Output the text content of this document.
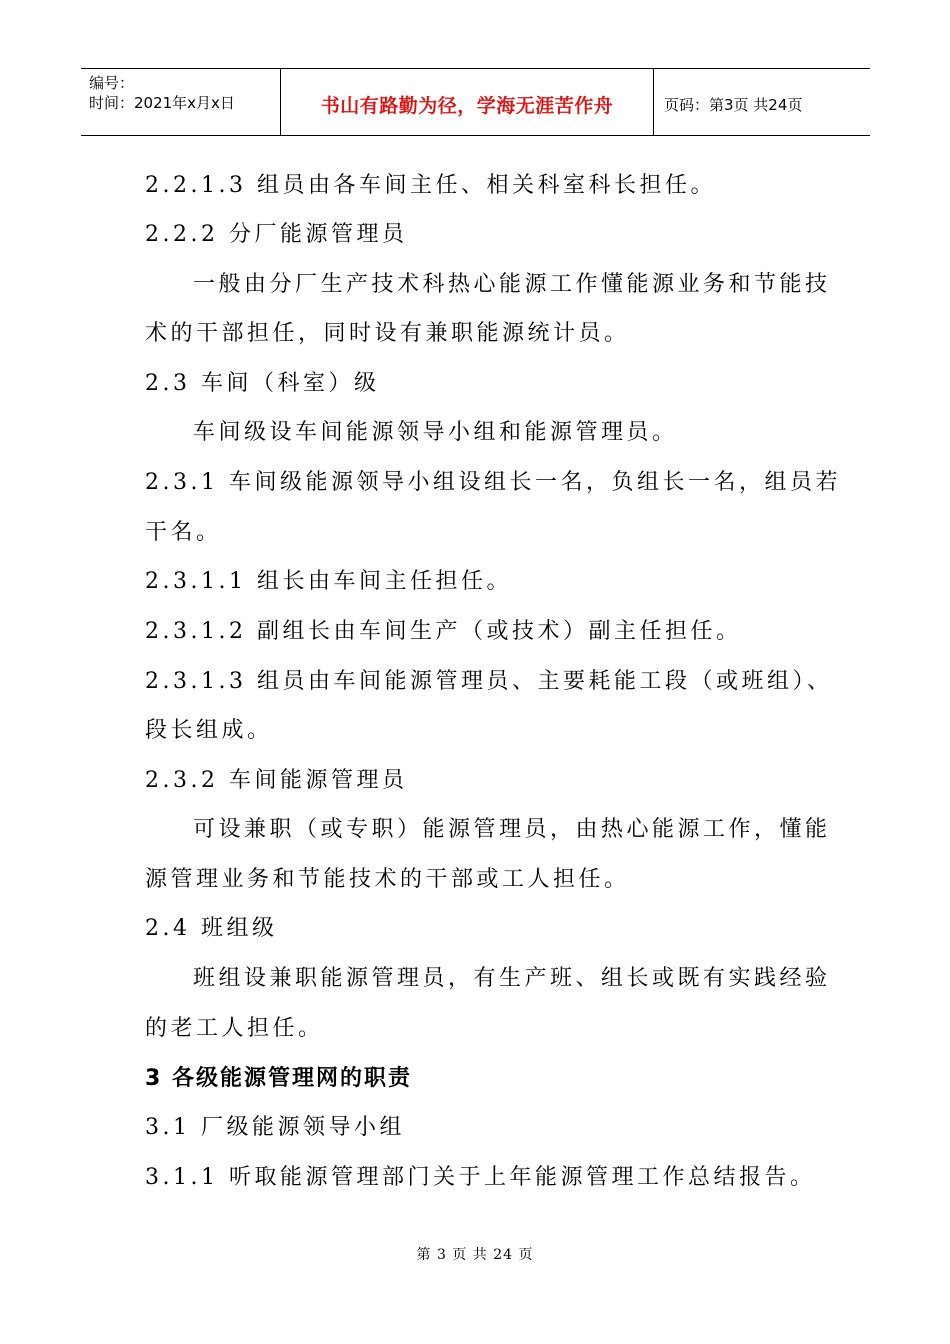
编号：
时间：2021年x月x日	书山有路勤为径，学海无涯苦作舟	页码：第3页 共24页
2.2.1.3 组员由各车间主任、相关科室科长担任。
2.2.2 分厂能源管理员
一般由分厂生产技术科热心能源工作懂能源业务和节能技
术的干部担任，同时设有兼职能源统计员。
2.3 车间（科室）级
车间级设车间能源领导小组和能源管理员。
2.3.1 车间级能源领导小组设组长一名，负组长一名，组员若
干名。
2.3.1.1 组长由车间主任担任。
2.3.1.2 副组长由车间生产（或技术）副主任担任。
2.3.1.3 组员由车间能源管理员、主要耗能工段（或班组）、
段长组成。
2.3.2 车间能源管理员
可设兼职（或专职）能源管理员，由热心能源工作，懂能
源管理业务和节能技术的干部或工人担任。
2.4 班组级
班组设兼职能源管理员，有生产班、组长或既有实践经验
的老工人担任。
3 各级能源管理网的职责
3.1 厂级能源领导小组
3.1.1 听取能源管理部门关于上年能源管理工作总结报告。
第 3 页 共 24 页
